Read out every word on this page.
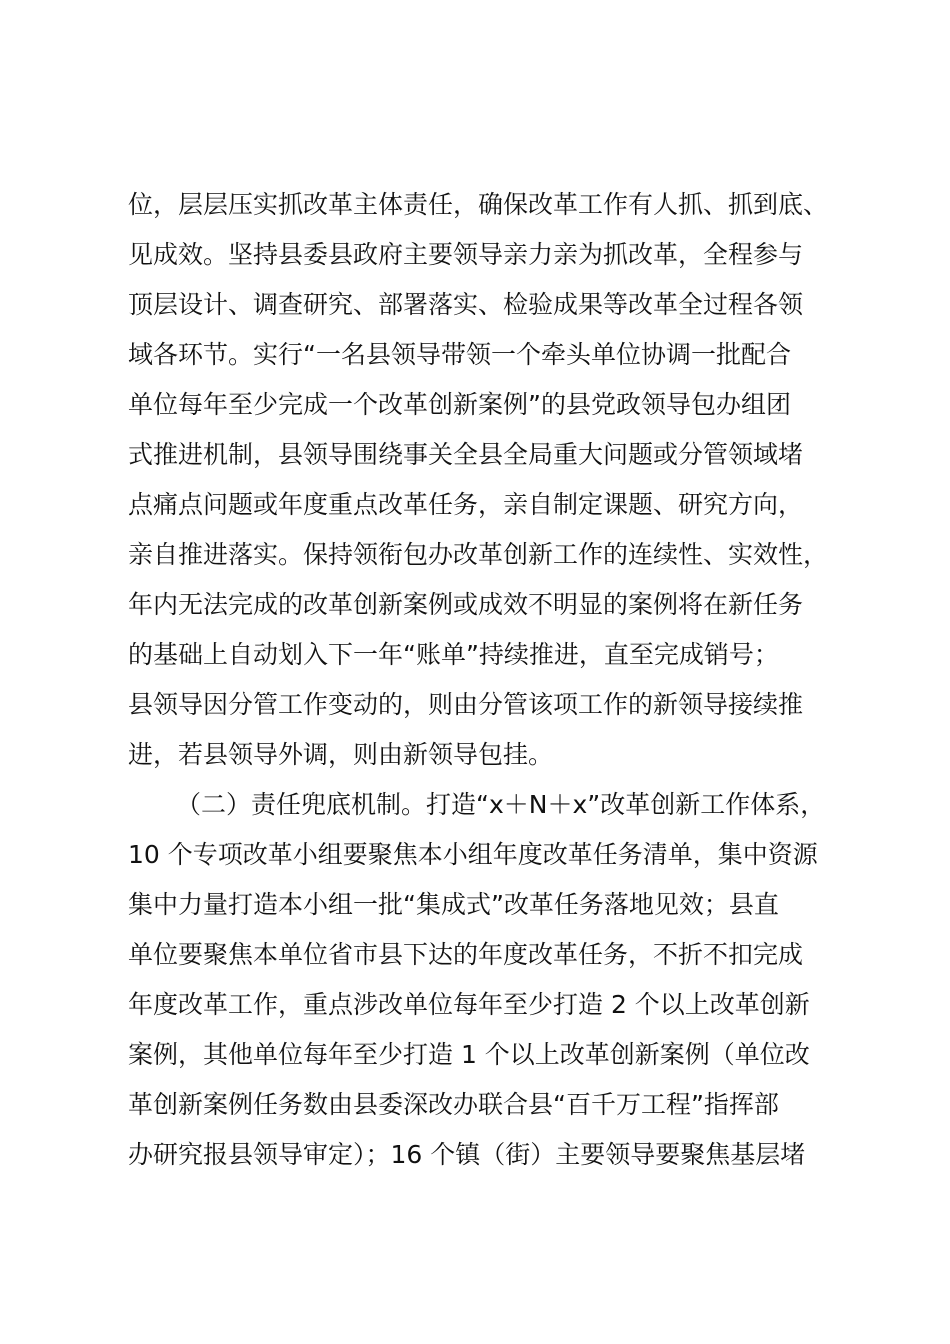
位，层层压实抓改革主体责任，确保改革工作有人抓、抓到底、
见成效。坚持县委县政府主要领导亲力亲为抓改革，全程参与
顶层设计、调查研究、部署落实、检验成果等改革全过程各领
域各环节。实行“一名县领导带领一个牵头单位协调一批配合
单位每年至少完成一个改革创新案例”的县党政领导包办组团
式推进机制，县领导围绕事关全县全局重大问题或分管领域堵
点痛点问题或年度重点改革任务，亲自制定课题、研究方向，
亲自推进落实。保持领衔包办改革创新工作的连续性、实效性，
年内无法完成的改革创新案例或成效不明显的案例将在新任务
的基础上自动划入下一年“账单”持续推进，直至完成销号；
县领导因分管工作变动的，则由分管该项工作的新领导接续推
进，若县领导外调，则由新领导包挂。
（二）责任兜底机制。打造“x＋N＋x”改革创新工作体系，
10 个专项改革小组要聚焦本小组年度改革任务清单，集中资源
集中力量打造本小组一批“集成式”改革任务落地见效；县直
单位要聚焦本单位省市县下达的年度改革任务，不折不扣完成
年度改革工作，重点涉改单位每年至少打造 2 个以上改革创新
案例，其他单位每年至少打造 1 个以上改革创新案例（单位改
革创新案例任务数由县委深改办联合县“百千万工程”指挥部
办研究报县领导审定）；16 个镇（街）主要领导要聚焦基层堵
